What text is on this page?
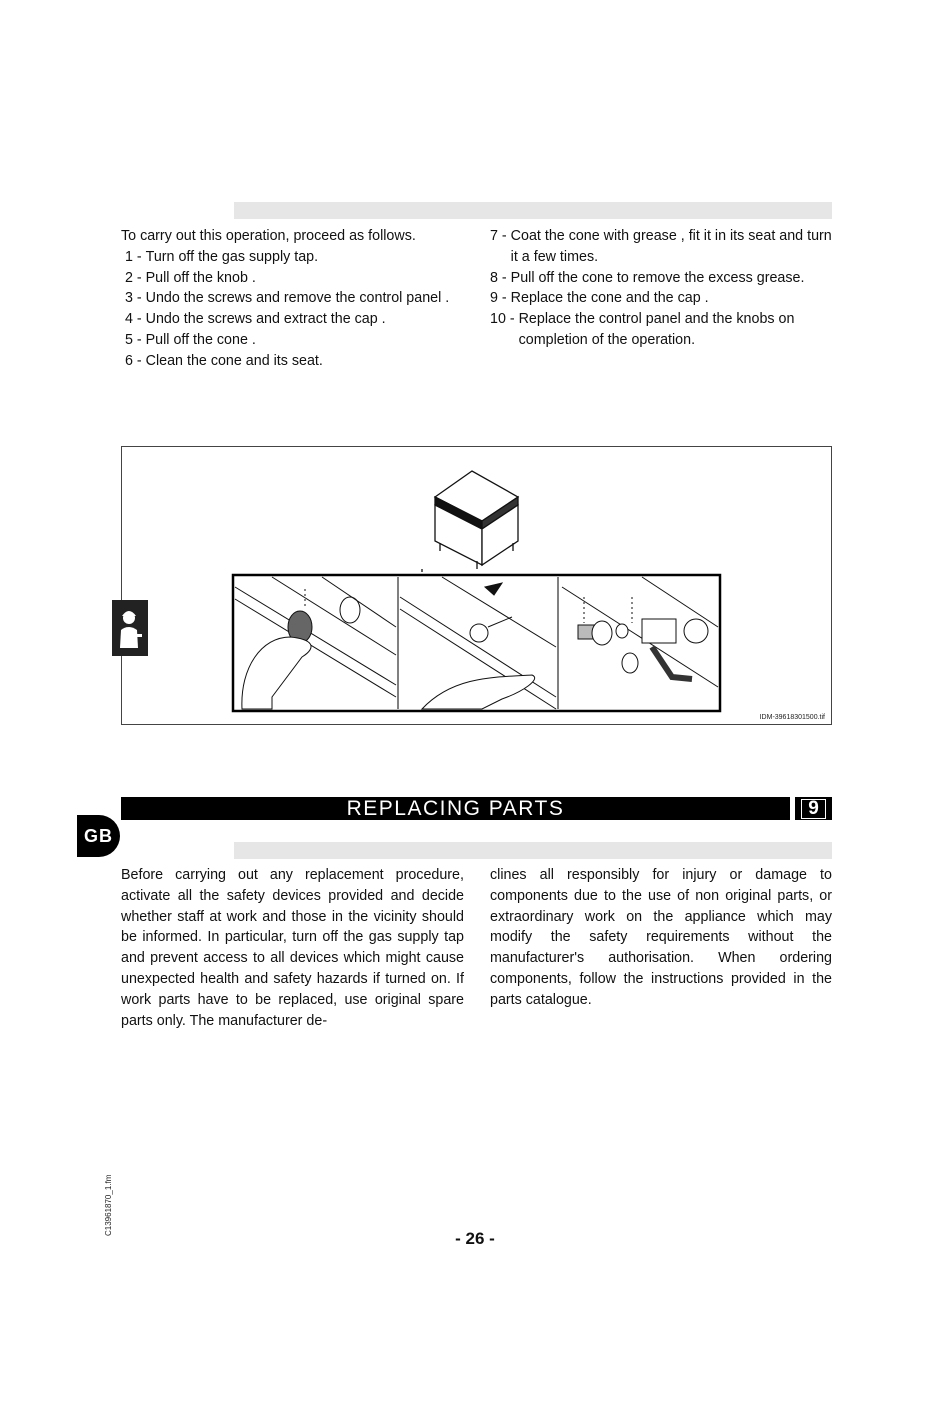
To carry out this operation, proceed as follows.
1 - Turn off the gas supply tap.
2 - Pull off the knob .
3 - Undo the screws and remove the control panel .
4 - Undo the screws and extract the cap .
5 - Pull off the cone .
6 - Clean the cone and its seat.
7 - Coat the cone with grease , fit it in its seat and turn it a few times.
8 - Pull off the cone to remove the excess grease.
9 - Replace the cone and the cap .
10 - Replace the control panel and the knobs on completion of the operation.
IDM-39618301500.tif
REPLACING PARTS	9
GB

Before carrying out any replacement procedure, activate all the safety devices provided and decide whether staff at work and those in the vicinity should be informed. In particular, turn off the gas supply tap and prevent access to all devices which might cause unexpected health and safety hazards if turned on. If work parts have to be replaced, use original spare parts only. The manufacturer de-

clines all responsibly for injury or damage to components due to the use of non original parts, or extraordinary work on the appliance which may modify the safety requirements without the manufacturer's authorisation. When ordering components, follow the instructions provided in the parts catalogue.

C13961870_1.fm
- 26 -
